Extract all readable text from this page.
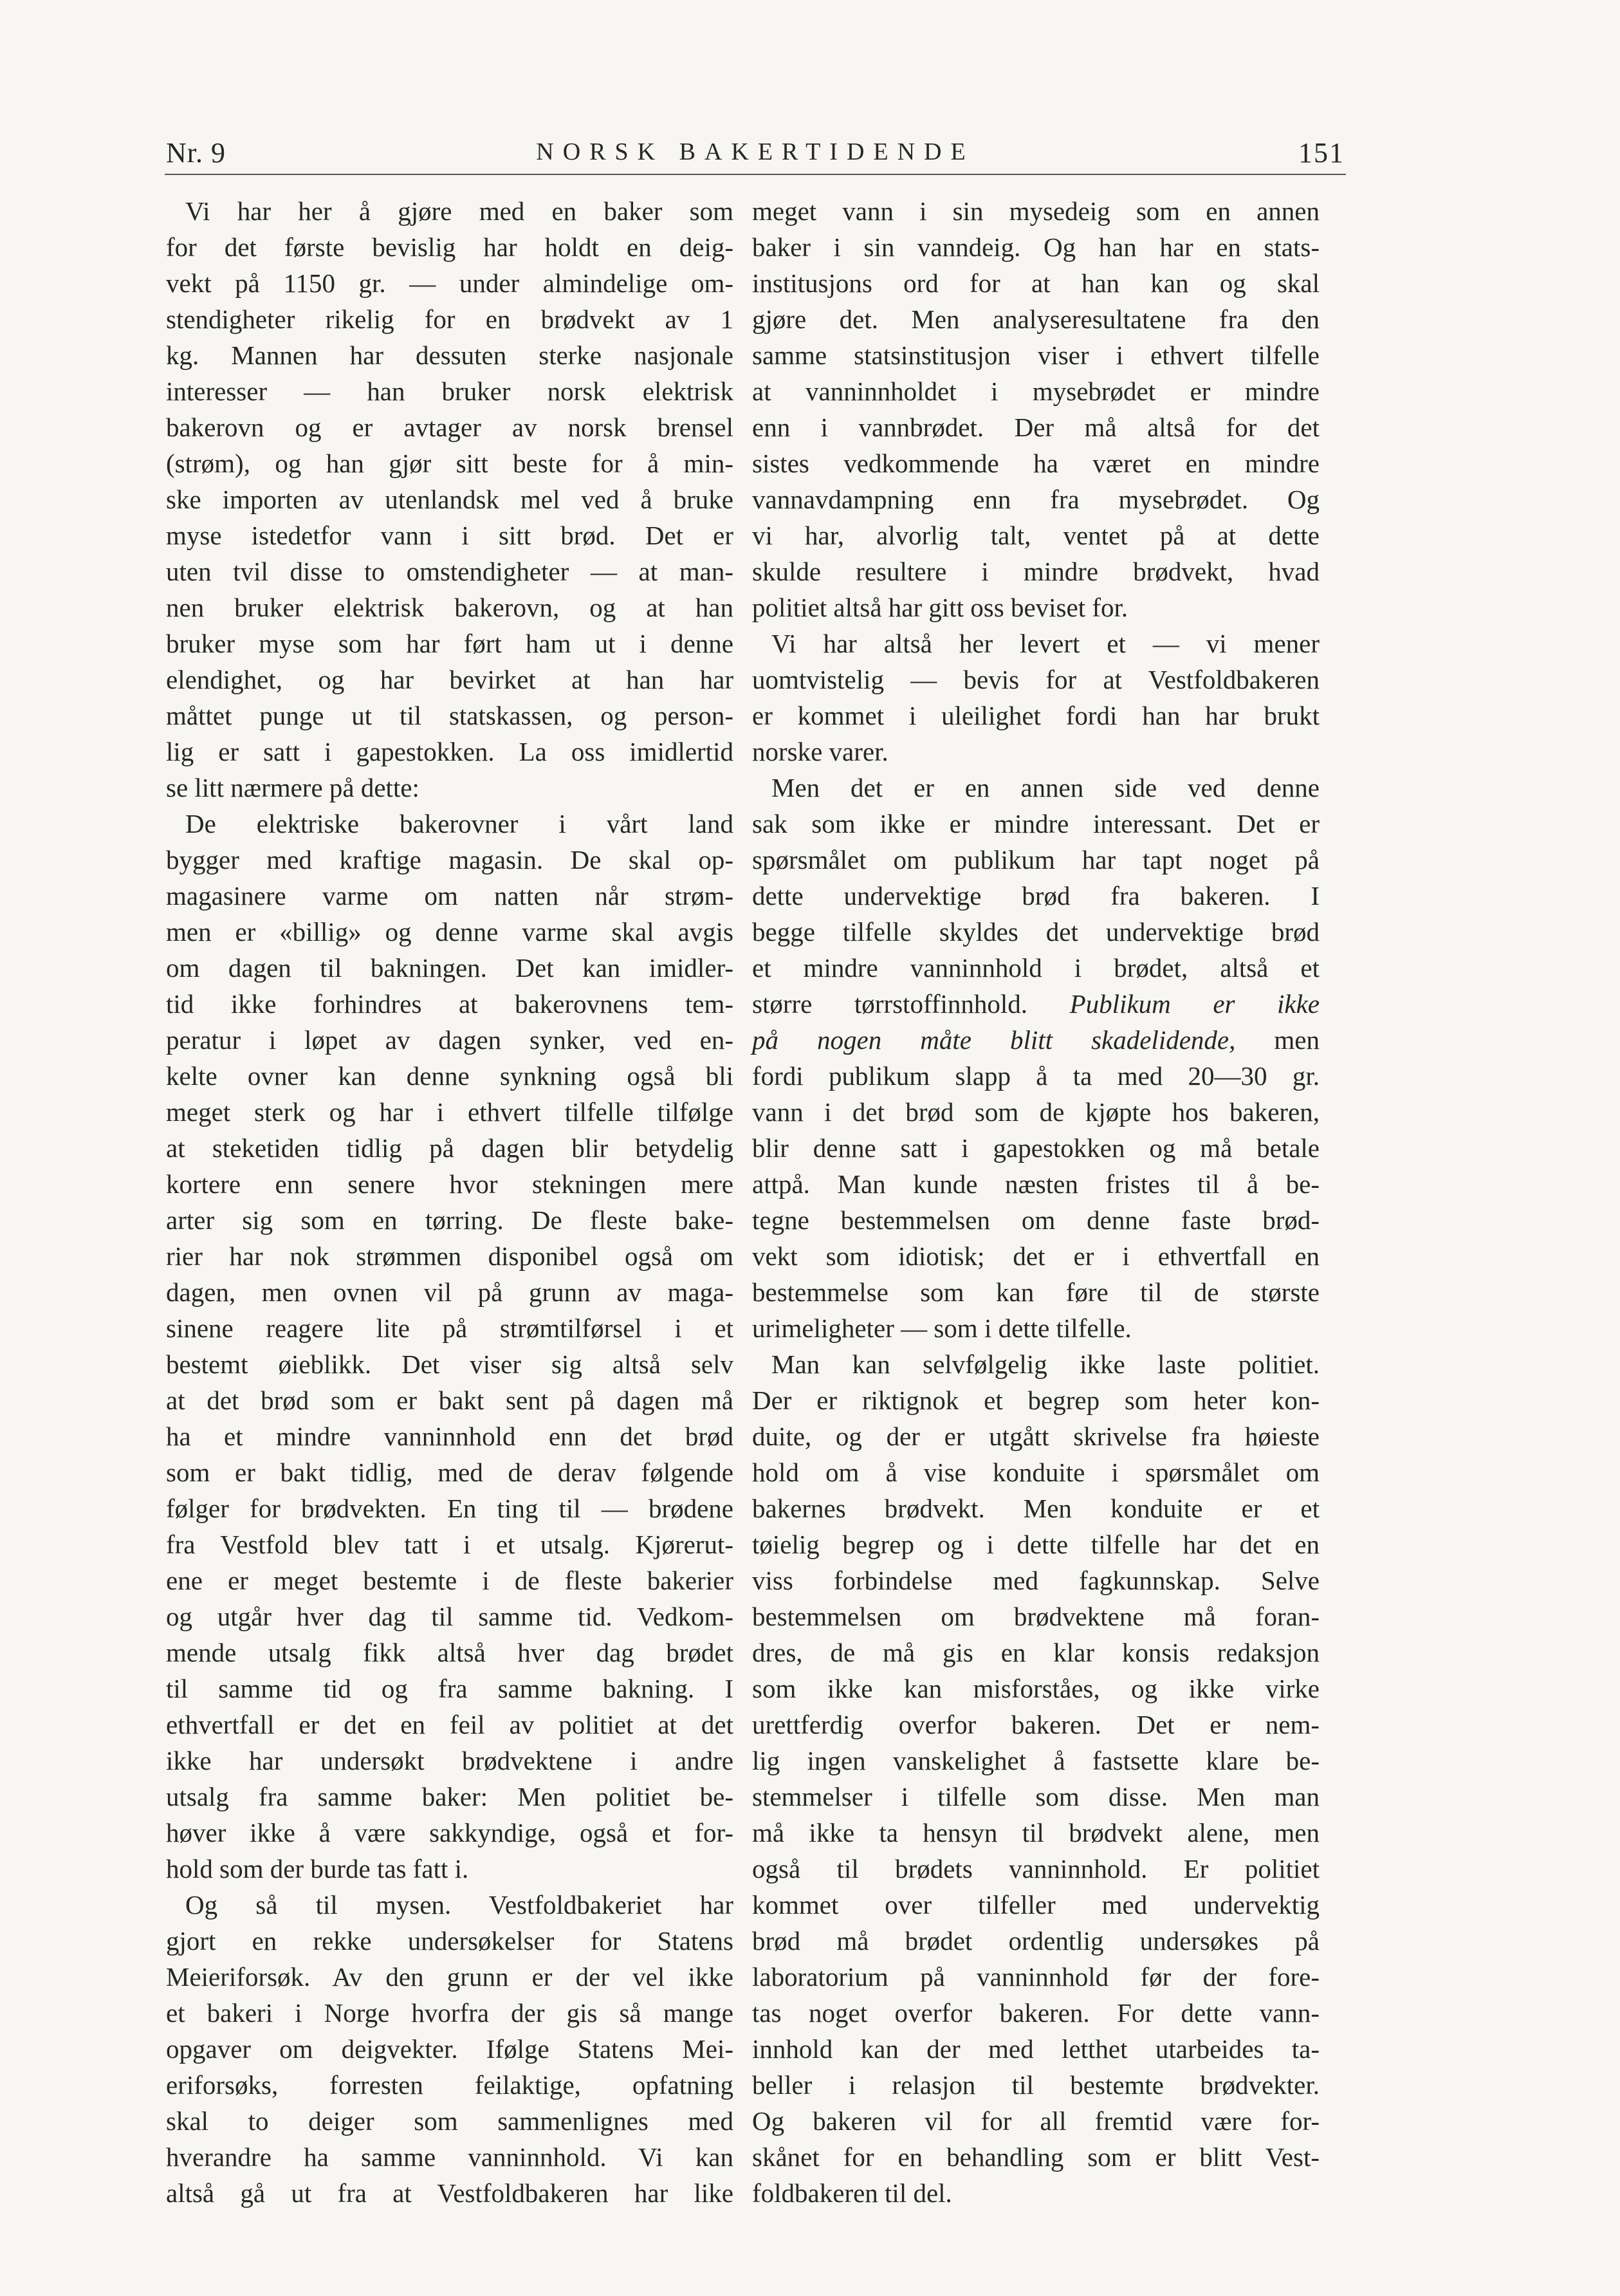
Nr. 9	NORSK BAKERTIDENDE	151
Vi har her å gjøre med en baker som
for det første bevislig har holdt en deig-
vekt på 1150 gr. — under almindelige om-
stendigheter rikelig for en brødvekt av 1
kg. Mannen har dessuten sterke nasjonale
interesser — han bruker norsk elektrisk
bakerovn og er avtager av norsk brensel
(strøm), og han gjør sitt beste for å min-
ske importen av utenlandsk mel ved å bruke
myse istedetfor vann i sitt brød. Det er
uten tvil disse to omstendigheter — at man-
nen bruker elektrisk bakerovn, og at han
bruker myse som har ført ham ut i denne
elendighet, og har bevirket at han har
måttet punge ut til statskassen, og person-
lig er satt i gapestokken. La oss imidlertid
se litt nærmere på dette:
De elektriske bakerovner i vårt land
bygger med kraftige magasin. De skal op-
magasinere varme om natten når strøm-
men er «billig» og denne varme skal avgis
om dagen til bakningen. Det kan imidler-
tid ikke forhindres at bakerovnens tem-
peratur i løpet av dagen synker, ved en-
kelte ovner kan denne synkning også bli
meget sterk og har i ethvert tilfelle tilfølge
at steketiden tidlig på dagen blir betydelig
kortere enn senere hvor stekningen mere
arter sig som en tørring. De fleste bake-
rier har nok strømmen disponibel også om
dagen, men ovnen vil på grunn av maga-
sinene reagere lite på strømtilførsel i et
bestemt øieblikk. Det viser sig altså selv
at det brød som er bakt sent på dagen må
ha et mindre vanninnhold enn det brød
som er bakt tidlig, med de derav følgende
følger for brødvekten. En ting til — brødene
fra Vestfold blev tatt i et utsalg. Kjørerut-
ene er meget bestemte i de fleste bakerier
og utgår hver dag til samme tid. Vedkom-
mende utsalg fikk altså hver dag brødet
til samme tid og fra samme bakning. I
ethvertfall er det en feil av politiet at det
ikke har undersøkt brødvektene i andre
utsalg fra samme baker: Men politiet be-
høver ikke å være sakkyndige, også et for-
hold som der burde tas fatt i.
Og så til mysen. Vestfoldbakeriet har
gjort en rekke undersøkelser for Statens
Meieriforsøk. Av den grunn er der vel ikke
et bakeri i Norge hvorfra der gis så mange
opgaver om deigvekter. Ifølge Statens Mei-
eriforsøks, forresten feilaktige, opfatning
skal to deiger som sammenlignes med
hverandre ha samme vanninnhold. Vi kan
altså gå ut fra at Vestfoldbakeren har like
meget vann i sin mysedeig som en annen
baker i sin vanndeig. Og han har en stats-
institusjons ord for at han kan og skal
gjøre det. Men analyseresultatene fra den
samme statsinstitusjon viser i ethvert tilfelle
at vanninnholdet i mysebrødet er mindre
enn i vannbrødet. Der må altså for det
sistes vedkommende ha været en mindre
vannavdampning enn fra mysebrødet. Og
vi har, alvorlig talt, ventet på at dette
skulde resultere i mindre brødvekt, hvad
politiet altså har gitt oss beviset for.
Vi har altså her levert et — vi mener
uomtvistelig — bevis for at Vestfoldbakeren
er kommet i uleilighet fordi han har brukt
norske varer.
Men det er en annen side ved denne
sak som ikke er mindre interessant. Det er
spørsmålet om publikum har tapt noget på
dette undervektige brød fra bakeren. I
begge tilfelle skyldes det undervektige brød
et mindre vanninnhold i brødet, altså et
større tørrstoffinnhold. Publikum er ikke
på nogen måte blitt skadelidende, men
fordi publikum slapp å ta med 20—30 gr.
vann i det brød som de kjøpte hos bakeren,
blir denne satt i gapestokken og må betale
attpå. Man kunde næsten fristes til å be-
tegne bestemmelsen om denne faste brød-
vekt som idiotisk; det er i ethvertfall en
bestemmelse som kan føre til de største
urimeligheter — som i dette tilfelle.
Man kan selvfølgelig ikke laste politiet.
Der er riktignok et begrep som heter kon-
duite, og der er utgått skrivelse fra høieste
hold om å vise konduite i spørsmålet om
bakernes brødvekt. Men konduite er et
tøielig begrep og i dette tilfelle har det en
viss forbindelse med fagkunnskap. Selve
bestemmelsen om brødvektene må foran-
dres, de må gis en klar konsis redaksjon
som ikke kan misforståes, og ikke virke
urettferdig overfor bakeren. Det er nem-
lig ingen vanskelighet å fastsette klare be-
stemmelser i tilfelle som disse. Men man
må ikke ta hensyn til brødvekt alene, men
også til brødets vanninnhold. Er politiet
kommet over tilfeller med undervektig
brød må brødet ordentlig undersøkes på
laboratorium på vanninnhold før der fore-
tas noget overfor bakeren. For dette vann-
innhold kan der med letthet utarbeides ta-
beller i relasjon til bestemte brødvekter.
Og bakeren vil for all fremtid være for-
skånet for en behandling som er blitt Vest-
foldbakeren til del.
